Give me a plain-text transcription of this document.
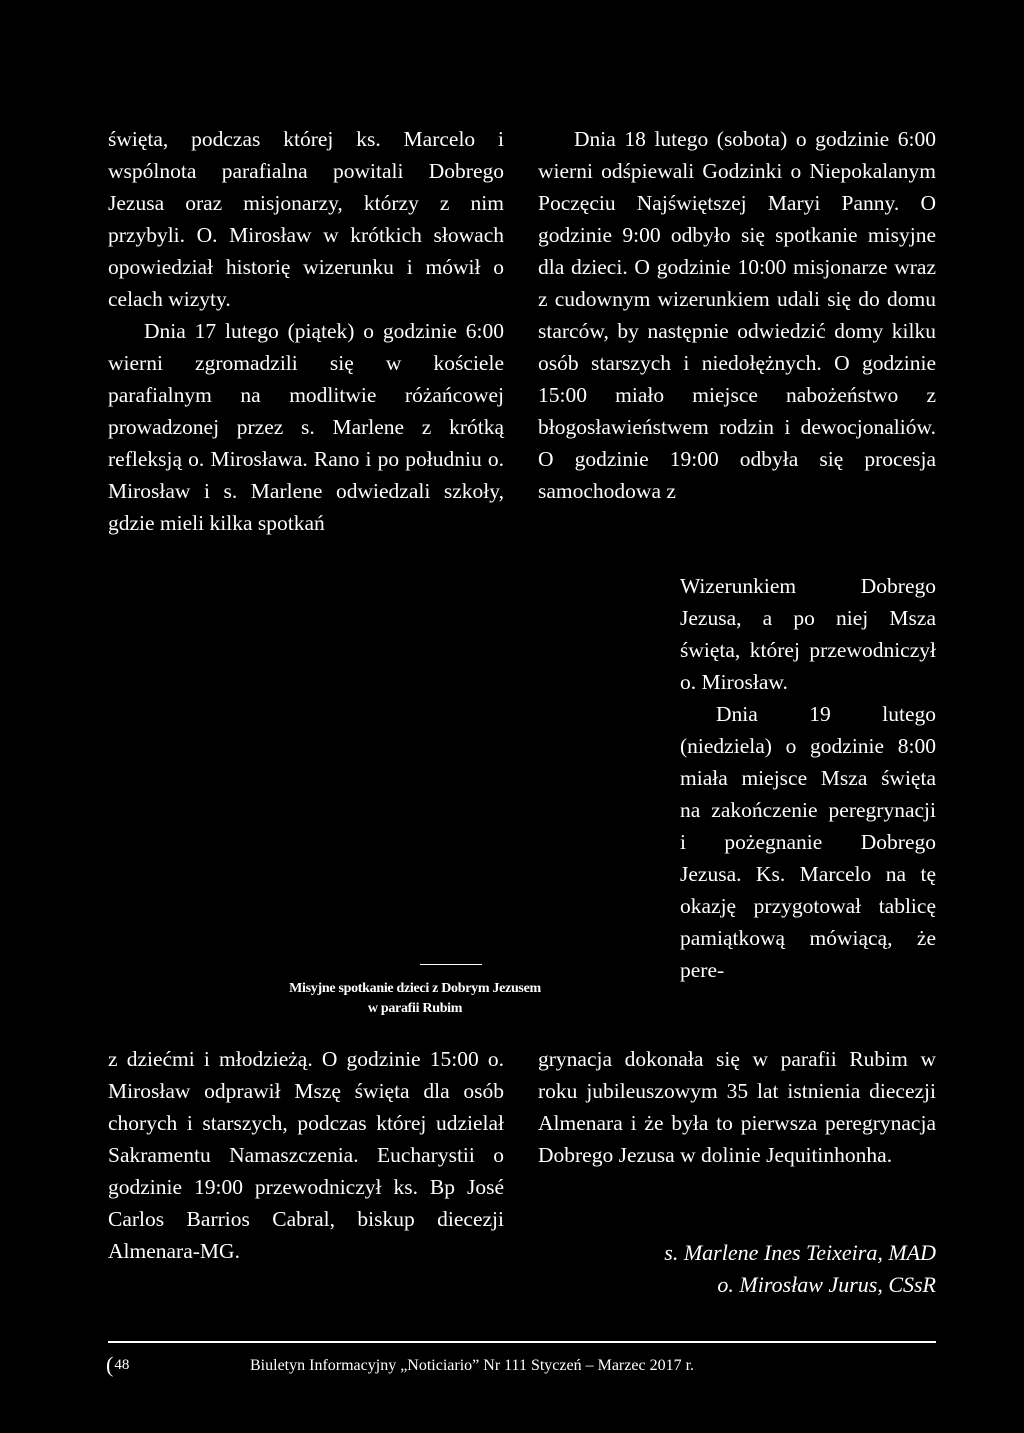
święta, podczas której ks. Marcelo i wspólnota parafialna powitali Dobrego Jezusa oraz misjonarzy, którzy z nim przybyli. O. Mirosław w krótkich słowach opowiedział historię wizerunku i mówił o celach wizyty.

Dnia 17 lutego (piątek) o godzinie 6:00 wierni zgromadzili się w kościele parafialnym na modlitwie różańcowej prowadzonej przez s. Marlene z krótką refleksją o. Mirosława. Rano i po południu o. Mirosław i s. Marlene odwiedzali szkoły, gdzie mieli kilka spotkań

Misyjne spotkanie dzieci z Dobrym Jezusem
w parafii Rubim

z dziećmi i młodzieżą. O godzinie 15:00 o. Mirosław odprawił Mszę święta dla osób chorych i starszych, podczas której udzielał Sakramentu Namaszczenia. Eucharystii o godzinie 19:00 przewodniczył ks. Bp José Carlos Barrios Cabral, biskup diecezji Almenara-MG.

Dnia 18 lutego (sobota) o godzinie 6:00 wierni odśpiewali Godzinki o Niepokalanym Poczęciu Najświętszej Maryi Panny. O godzinie 9:00 odbyło się spotkanie misyjne dla dzieci. O godzinie 10:00 misjonarze wraz z cudownym wizerunkiem udali się do domu starców, by następnie odwiedzić domy kilku osób starszych i niedołężnych. O godzinie 15:00 miało miejsce nabożeństwo z błogosławieństwem rodzin i dewocjonaliów. O godzinie 19:00 odbyła się procesja samochodowa z

Wizerunkiem Dobrego Jezusa, a po niej Msza święta, której przewodniczył o. Mirosław.

Dnia 19 lutego (niedziela) o godzinie 8:00 miała miejsce Msza święta na zakończenie peregrynacji i pożegnanie Dobrego Jezusa. Ks. Marcelo na tę okazję przygotował tablicę pamiątkową mówiącą, że pere-

grynacja dokonała się w parafii Rubim w roku jubileuszowym 35 lat istnienia diecezji Almenara i że była to pierwsza peregrynacja Dobrego Jezusa w dolinie Jequitinhonha.

s. Marlene Ines Teixeira, MAD
o. Mirosław Jurus, CSsR
(48	Biuletyn Informacyjny „Noticiario” Nr 111 Styczeń – Marzec 2017 r.
